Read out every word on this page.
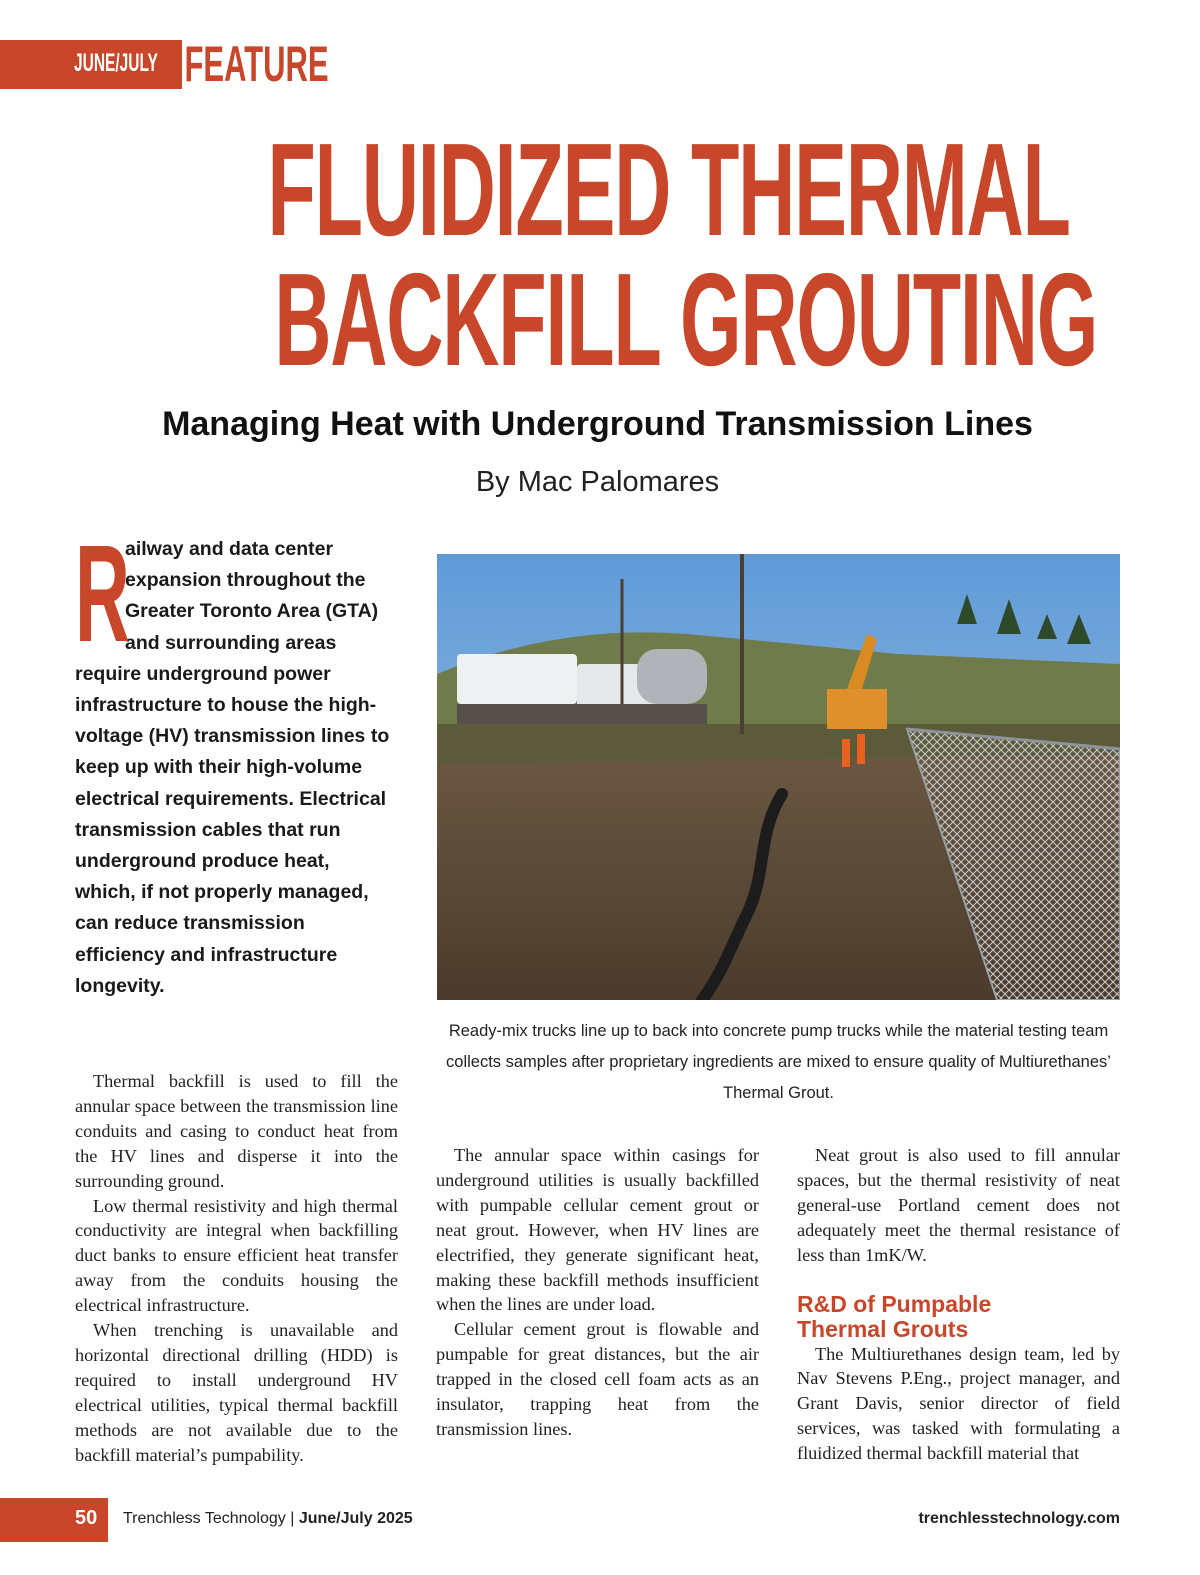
JUNE/JULY FEATURE
FLUIDIZED THERMAL
BACKFILL GROUTING
Managing Heat with Underground Transmission Lines
By Mac Palomares
R
ailway and data center expansion throughout the Greater Toronto Area (GTA) and surrounding areas require underground power infrastructure to house the high-voltage (HV) transmission lines to keep up with their high-volume electrical requirements. Electrical transmission cables that run underground produce heat, which, if not properly managed, can reduce transmission efficiency and infrastructure longevity.
Ready-mix trucks line up to back into concrete pump trucks while the material testing team collects samples after proprietary ingredients are mixed to ensure quality of Multiurethanes’ Thermal Grout.

Thermal backfill is used to fill the annular space between the transmission line conduits and casing to conduct heat from the HV lines and disperse it into the surrounding ground.

Low thermal resistivity and high thermal conductivity are integral when backfilling duct banks to ensure efficient heat transfer away from the conduits housing the electrical infrastructure.

When trenching is unavailable and horizontal directional drilling (HDD) is required to install underground HV electrical utilities, typical thermal backfill methods are not available due to the backfill material’s pumpability.

The annular space within casings for underground utilities is usually backfilled with pumpable cellular cement grout or neat grout. However, when HV lines are electrified, they generate significant heat, making these backfill methods insufficient when the lines are under load.

Cellular cement grout is flowable and pumpable for great distances, but the air trapped in the closed cell foam acts as an insulator, trapping heat from the transmission lines.

Neat grout is also used to fill annular spaces, but the thermal resistivity of neat general-use Portland cement does not adequately meet the thermal resistance of less than 1mK/W.

R&D of Pumpable
Thermal Grouts

The Multiurethanes design team, led by Nav Stevens P.Eng., project manager, and Grant Davis, senior director of field services, was tasked with formulating a fluidized thermal backfill material that

50 Trenchless Technology | June/July 2025	trenchlesstechnology.com
